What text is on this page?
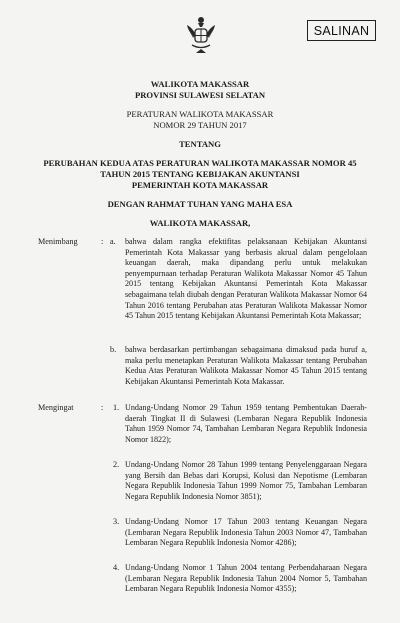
SALINAN
WALIKOTA MAKASSAR
PROVINSI SULAWESI SELATAN
PERATURAN WALIKOTA MAKASSAR
NOMOR 29 TAHUN 2017
TENTANG
PERUBAHAN KEDUA ATAS PERATURAN WALIKOTA MAKASSAR NOMOR 45
TAHUN 2015 TENTANG KEBIJAKAN AKUNTANSI
PEMERINTAH KOTA MAKASSAR
DENGAN RAHMAT TUHAN YANG MAHA ESA
WALIKOTA MAKASSAR,
Menimbang	: a. bahwa dalam rangka efektifitas pelaksanaan Kebijakan Akuntansi Pemerintah Kota Makassar yang berbasis akrual dalam pengelolaan keuangan daerah, maka dipandang perlu untuk melakukan penyempurnaan terhadap Peraturan Walikota Makassar Nomor 45 Tahun 2015 tentang Kebijakan Akuntansi Pemerintah Kota Makassar sebagaimana telah diubah dengan Peraturan Walikota Makassar Nomor 64 Tahun 2016 tentang Perubahan atas Peraturan Walikota Makassar Nomor 45 Tahun 2015 tentang Kebijakan Akuntansi Pemerintah Kota Makassar;
b. bahwa berdasarkan pertimbangan sebagaimana dimaksud pada huruf a, maka perlu menetapkan Peraturan Walikota Makassar tentang Perubahan Kedua Atas Peraturan Walikota Makassar Nomor 45 Tahun 2015 tentang Kebijakan Akuntansi Pemerintah Kota Makassar.
Mengingat	: 1. Undang-Undang Nomor 29 Tahun 1959 tentang Pembentukan Daerah-daerah Tingkat II di Sulawesi (Lembaran Negara Republik Indonesia Tahun 1959 Nomor 74, Tambahan Lembaran Negara Republik Indonesia Nomor 1822);
2. Undang-Undang Nomor 28 Tahun 1999 tentang Penyelenggaraan Negara yang Bersih dan Bebas dari Korupsi, Kolusi dan Nepotisme (Lembaran Negara Republik Indonesia Tahun 1999 Nomor 75, Tambahan Lembaran Negara Republik Indonesia Nomor 3851);
3. Undang-Undang Nomor 17 Tahun 2003 tentang Keuangan Negara (Lembaran Negara Republik Indonesia Tahun 2003 Nomor 47, Tambahan Lembaran Negara Republik Indonesia Nomor 4286);
4. Undang-Undang Nomor 1 Tahun 2004 tentang Perbendaharaan Negara (Lembaran Negara Republik Indonesia Tahun 2004 Nomor 5, Tambahan Lembaran Negara Republik Indonesia Nomor 4355);
